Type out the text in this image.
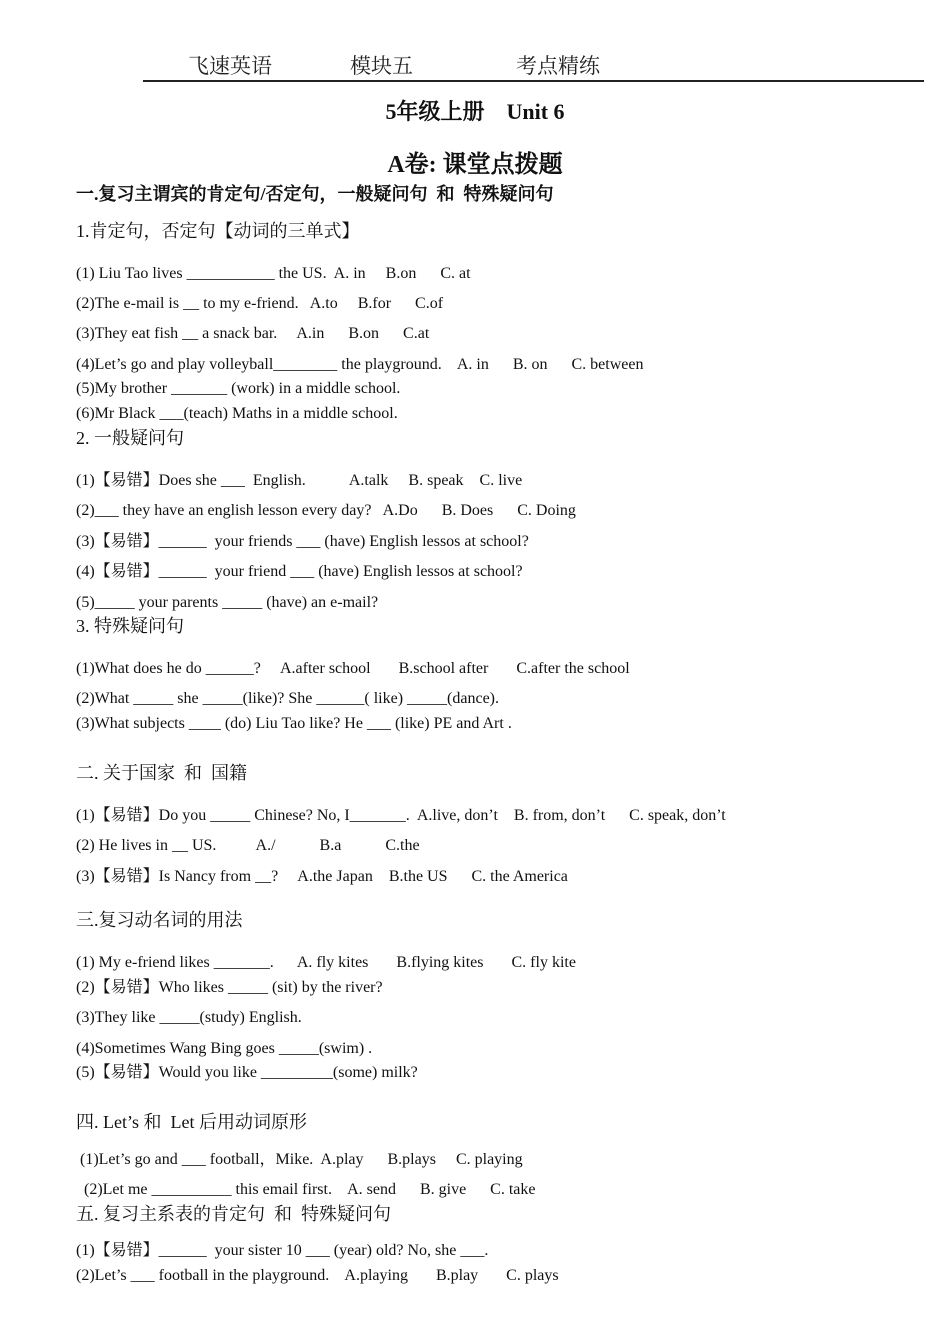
飞速英语	模块五	考点精练
5年级上册　Unit 6
A卷: 课堂点拨题
一.复习主谓宾的肯定句/否定句，一般疑问句  和  特殊疑问句
1.肯定句，否定句【动词的三单式】
(1) Liu Tao lives ___________ the US.  A. in     B.on      C. at
(2)The e-mail is __ to my e-friend.   A.to     B.for      C.of
(3)They eat fish __ a snack bar.     A.in      B.on      C.at
(4)Let’s go and play volleyball________ the playground.    A. in      B. on      C. between
(5)My brother _______ (work) in a middle school.
(6)Mr Black ___(teach) Maths in a middle school.
2. 一般疑问句
(1)【易错】Does she ___  English.           A.talk     B. speak    C. live
(2)___ they have an english lesson every day?   A.Do      B. Does      C. Doing
(3)【易错】______  your friends ___ (have) English lessos at school?
(4)【易错】______  your friend ___ (have) English lessos at school?
(5)_____ your parents _____ (have) an e-mail?
3. 特殊疑问句
(1)What does he do ______?     A.after school       B.school after       C.after the school
(2)What _____ she _____(like)? She ______( like) _____(dance).
(3)What subjects ____ (do) Liu Tao like? He ___ (like) PE and Art .
二. 关于国家  和  国籍
(1)【易错】Do you _____ Chinese? No, I_______.  A.live, don’t    B. from, don’t      C. speak, don’t
(2) He lives in __ US.          A./           B.a           C.the
(3)【易错】Is Nancy from __?     A.the Japan    B.the US      C. the America
三.复习动名词的用法
(1) My e-friend likes _______.      A. fly kites       B.flying kites       C. fly kite
(2)【易错】Who likes _____ (sit) by the river?
(3)They like _____(study) English.
(4)Sometimes Wang Bing goes _____(swim) .
(5)【易错】Would you like _________(some) milk?
四. Let’s 和  Let 后用动词原形
(1)Let’s go and ___ football，Mike.  A.play      B.plays     C. playing
(2)Let me __________ this email first.    A. send      B. give      C. take
五. 复习主系表的肯定句  和  特殊疑问句
(1)【易错】______  your sister 10 ___ (year) old? No, she ___.
(2)Let’s ___ football in the playground.    A.playing       B.play       C. plays
